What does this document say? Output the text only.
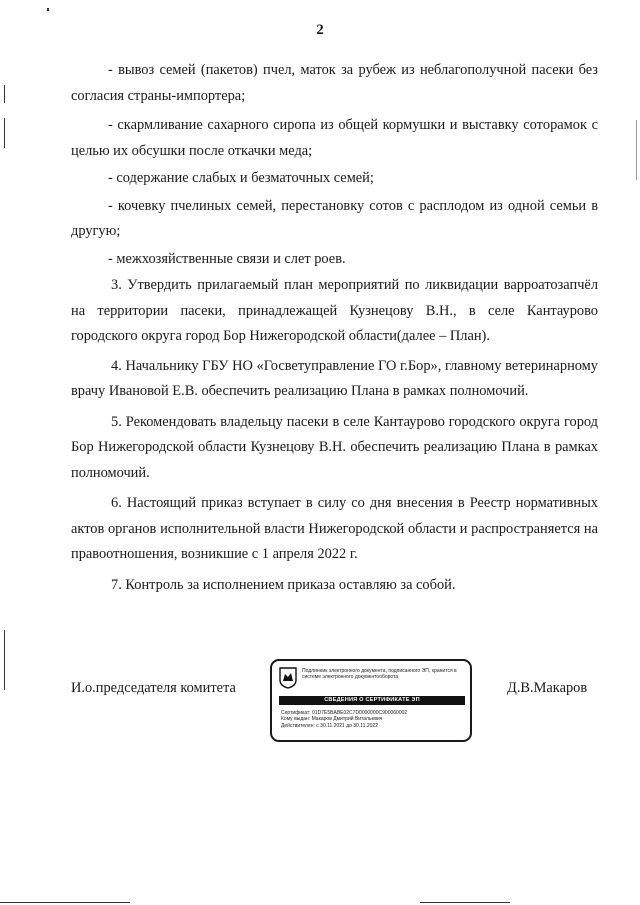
2

- вывоз семей (пакетов) пчел, маток за рубеж из неблагополучной пасеки без согласия страны-импортера;

- скармливание сахарного сиропа из общей кормушки и выставку сотoрамок с целью их обсушки после откачки меда;

- содержание слабых и безматочных семей;

- кочевку пчелиных семей, перестановку сотов с расплодом из одной семьи в другую;

- межхозяйственные связи и слет роев.

3. Утвердить прилагаемый план мероприятий по ликвидации варроатозапчёл на территории пасеки, принадлежащей Кузнецову В.Н., в селе Кантаурово городского округа город Бор Нижегородской области(далее – План).

4. Начальнику ГБУ НО «Госветуправление ГО г.Бор», главному ветеринарному врачу Ивановой Е.В. обеспечить реализацию Плана в рамках полномочий.

5. Рекомендовать владельцу пасеки в селе Кантаурово городского округа город Бор Нижегородской области Кузнецову В.Н. обеспечить реализацию Плана в рамках полномочий.

6. Настоящий приказ вступает в силу со дня внесения в Реестр нормативных актов органов исполнительной власти Нижегородской области и распространяется на правоотношения, возникшие с 1 апреля 2022 г.

7. Контроль за исполнением приказа оставляю за собой.

И.о.председателя комитета	Д.В.Макаров
Подлинник электронного документа, подписанного ЭП, хранится в системе электронного документооборота
СВЕДЕНИЯ О СЕРТИФИКАТЕ ЭП
Сертификат: 01D7E5BABE02C7D0000000C900060002
Кому выдан: Макаров Дмитрий Витальевич
Действителен: с 30.11.2021 до 30.11.2022
